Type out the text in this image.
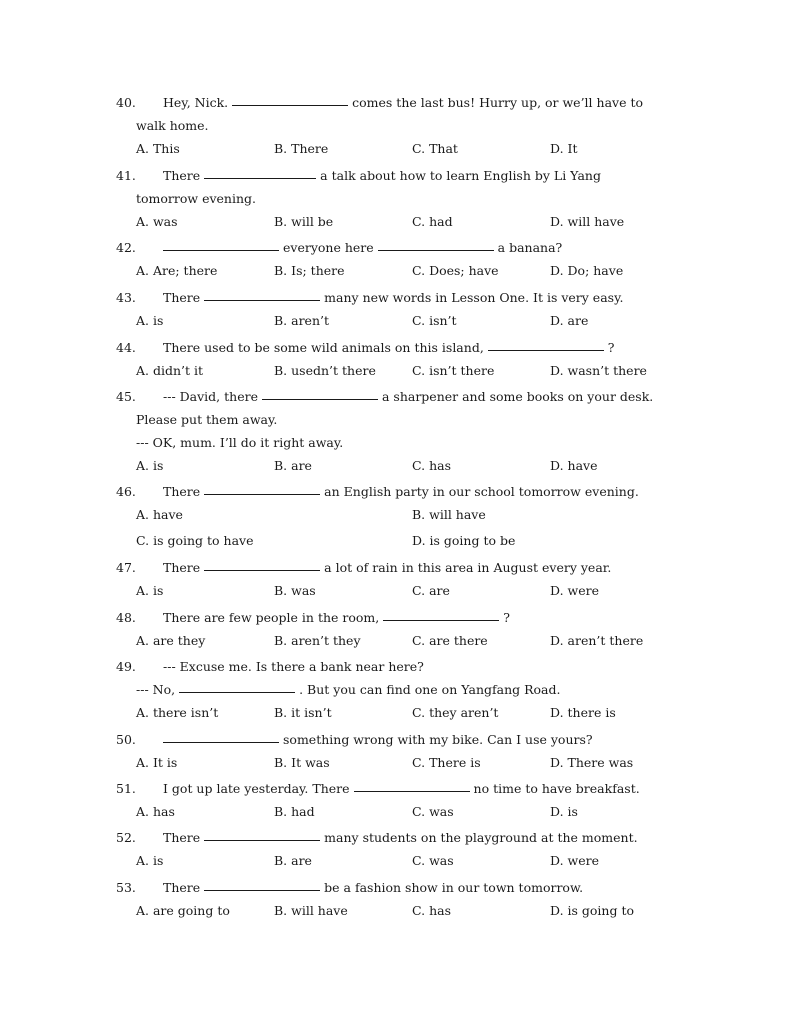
40.	Hey, Nick.	comes the last bus! Hurry up, or we’ll have to
walk home.
A. This	B. There	C. That	D. It
41.	There	a talk about how to learn English by Li Yang
tomorrow evening.
A. was	B. will be	C. had	D. will have
42.	everyone here	a banana?
A. Are; there	B. Is; there	C. Does; have	D. Do; have
43.	There	many new words in Lesson One. It is very easy.
A. is	B. aren’t	C. isn’t	D. are
44.	There used to be some wild animals on this island,	?
A. didn’t it	B. usedn’t there	C. isn’t there	D. wasn’t there
45.	--- David, there	a sharpener and some books on your desk.
Please put them away.
--- OK, mum. I’ll do it right away.
A. is	B. are	C. has	D. have
46.	There	an English party in our school tomorrow evening.
A. have	B. will have
C. is going to have	D. is going to be
47.	There	a lot of rain in this area in August every year.
A. is	B. was	C. are	D. were
48.	There are few people in the room,	?
A. are they	B. aren’t they	C. are there	D. aren’t there
49.	--- Excuse me. Is there a bank near here?
--- No,	. But you can find one on Yangfang Road.
A. there isn’t	B. it isn’t	C. they aren’t	D. there is
50.	something wrong with my bike. Can I use yours?
A. It is	B. It was	C. There is	D. There was
51.	I got up late yesterday. There	no time to have breakfast.
A. has	B. had	C. was	D. is
52.	There	many students on the playground at the moment.
A. is	B. are	C. was	D. were
53.	There	be a fashion show in our town tomorrow.
A. are going to	B. will have	C. has	D. is going to
